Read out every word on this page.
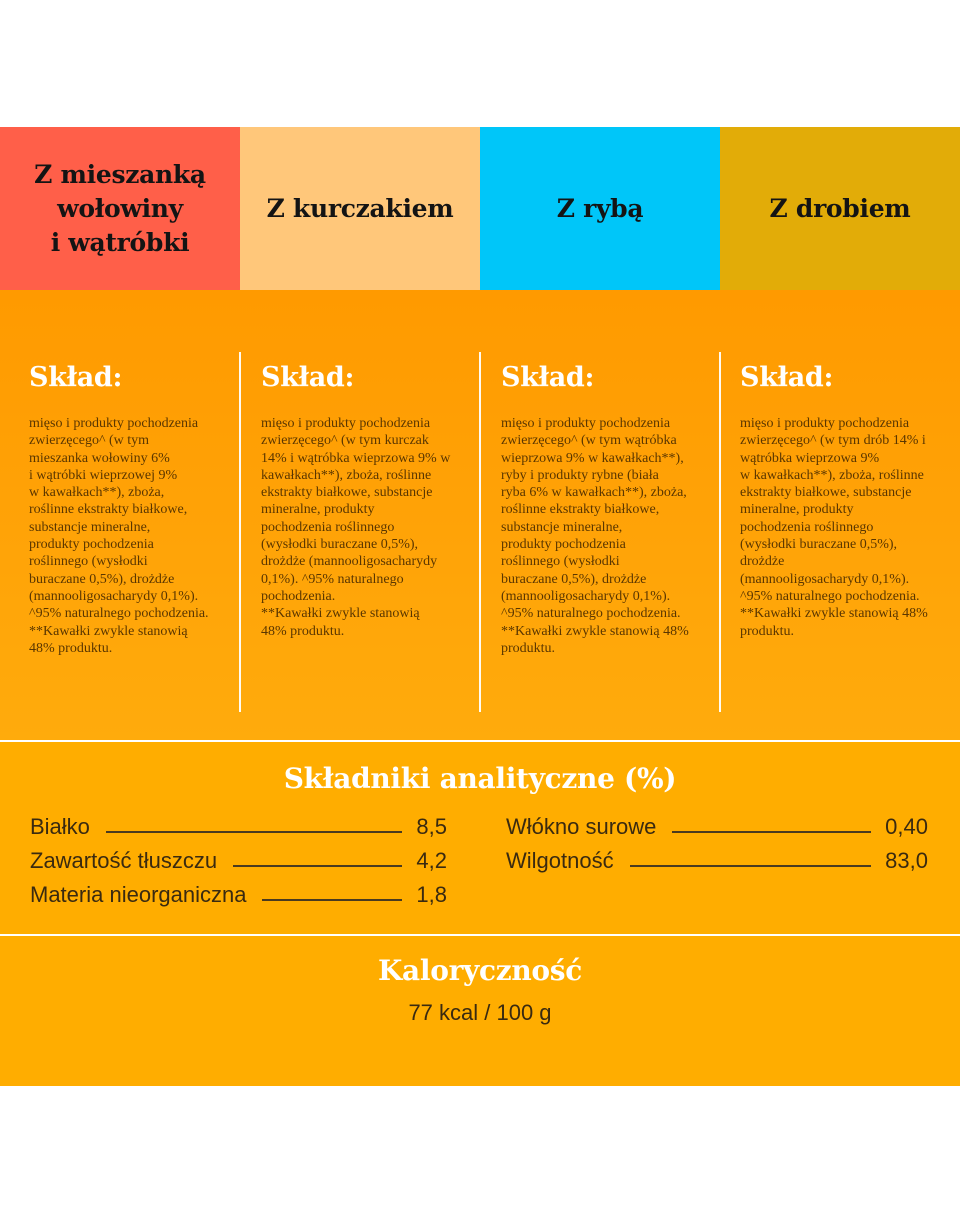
Z mieszanką
wołowiny
i wątróbki
Z kurczakiem	Z rybą	Z drobiem
Skład:

mięso i produkty pochodzenia
zwierzęcego^ (w tym
mieszanka wołowiny 6%
i wątróbki wieprzowej 9%
w kawałkach**), zboża,
roślinne ekstrakty białkowe,
substancje mineralne,
produkty pochodzenia
roślinnego (wysłodki
buraczane 0,5%), drożdże
(mannooligosacharydy 0,1%).
^95% naturalnego pochodzenia.
**Kawałki zwykle stanowią
48% produktu.

Skład:

mięso i produkty pochodzenia
zwierzęcego^ (w tym kurczak
14% i wątróbka wieprzowa 9% w
kawałkach**), zboża, roślinne
ekstrakty białkowe, substancje
mineralne, produkty
pochodzenia roślinnego
(wysłodki buraczane 0,5%),
drożdże (mannooligosacharydy
0,1%). ^95% naturalnego
pochodzenia.
**Kawałki zwykle stanowią
48% produktu.

Skład:

mięso i produkty pochodzenia
zwierzęcego^ (w tym wątróbka
wieprzowa 9% w kawałkach**),
ryby i produkty rybne (biała
ryba 6% w kawałkach**), zboża,
roślinne ekstrakty białkowe,
substancje mineralne,
produkty pochodzenia
roślinnego (wysłodki
buraczane 0,5%), drożdże
(mannooligosacharydy 0,1%).
^95% naturalnego pochodzenia.
**Kawałki zwykle stanowią 48%
produktu.

Skład:

mięso i produkty pochodzenia
zwierzęcego^ (w tym drób 14% i
wątróbka wieprzowa 9%
w kawałkach**), zboża, roślinne
ekstrakty białkowe, substancje
mineralne, produkty
pochodzenia roślinnego
(wysłodki buraczane 0,5%),
drożdże
(mannooligosacharydy 0,1%).
^95% naturalnego pochodzenia.
**Kawałki zwykle stanowią 48%
produktu.

Składniki analityczne (%)
Białko	8,5
Zawartość tłuszczu	4,2
Materia nieorganiczna	1,8
Włókno surowe	0,40
Wilgotność	83,0
Kaloryczność
77 kcal / 100 g
